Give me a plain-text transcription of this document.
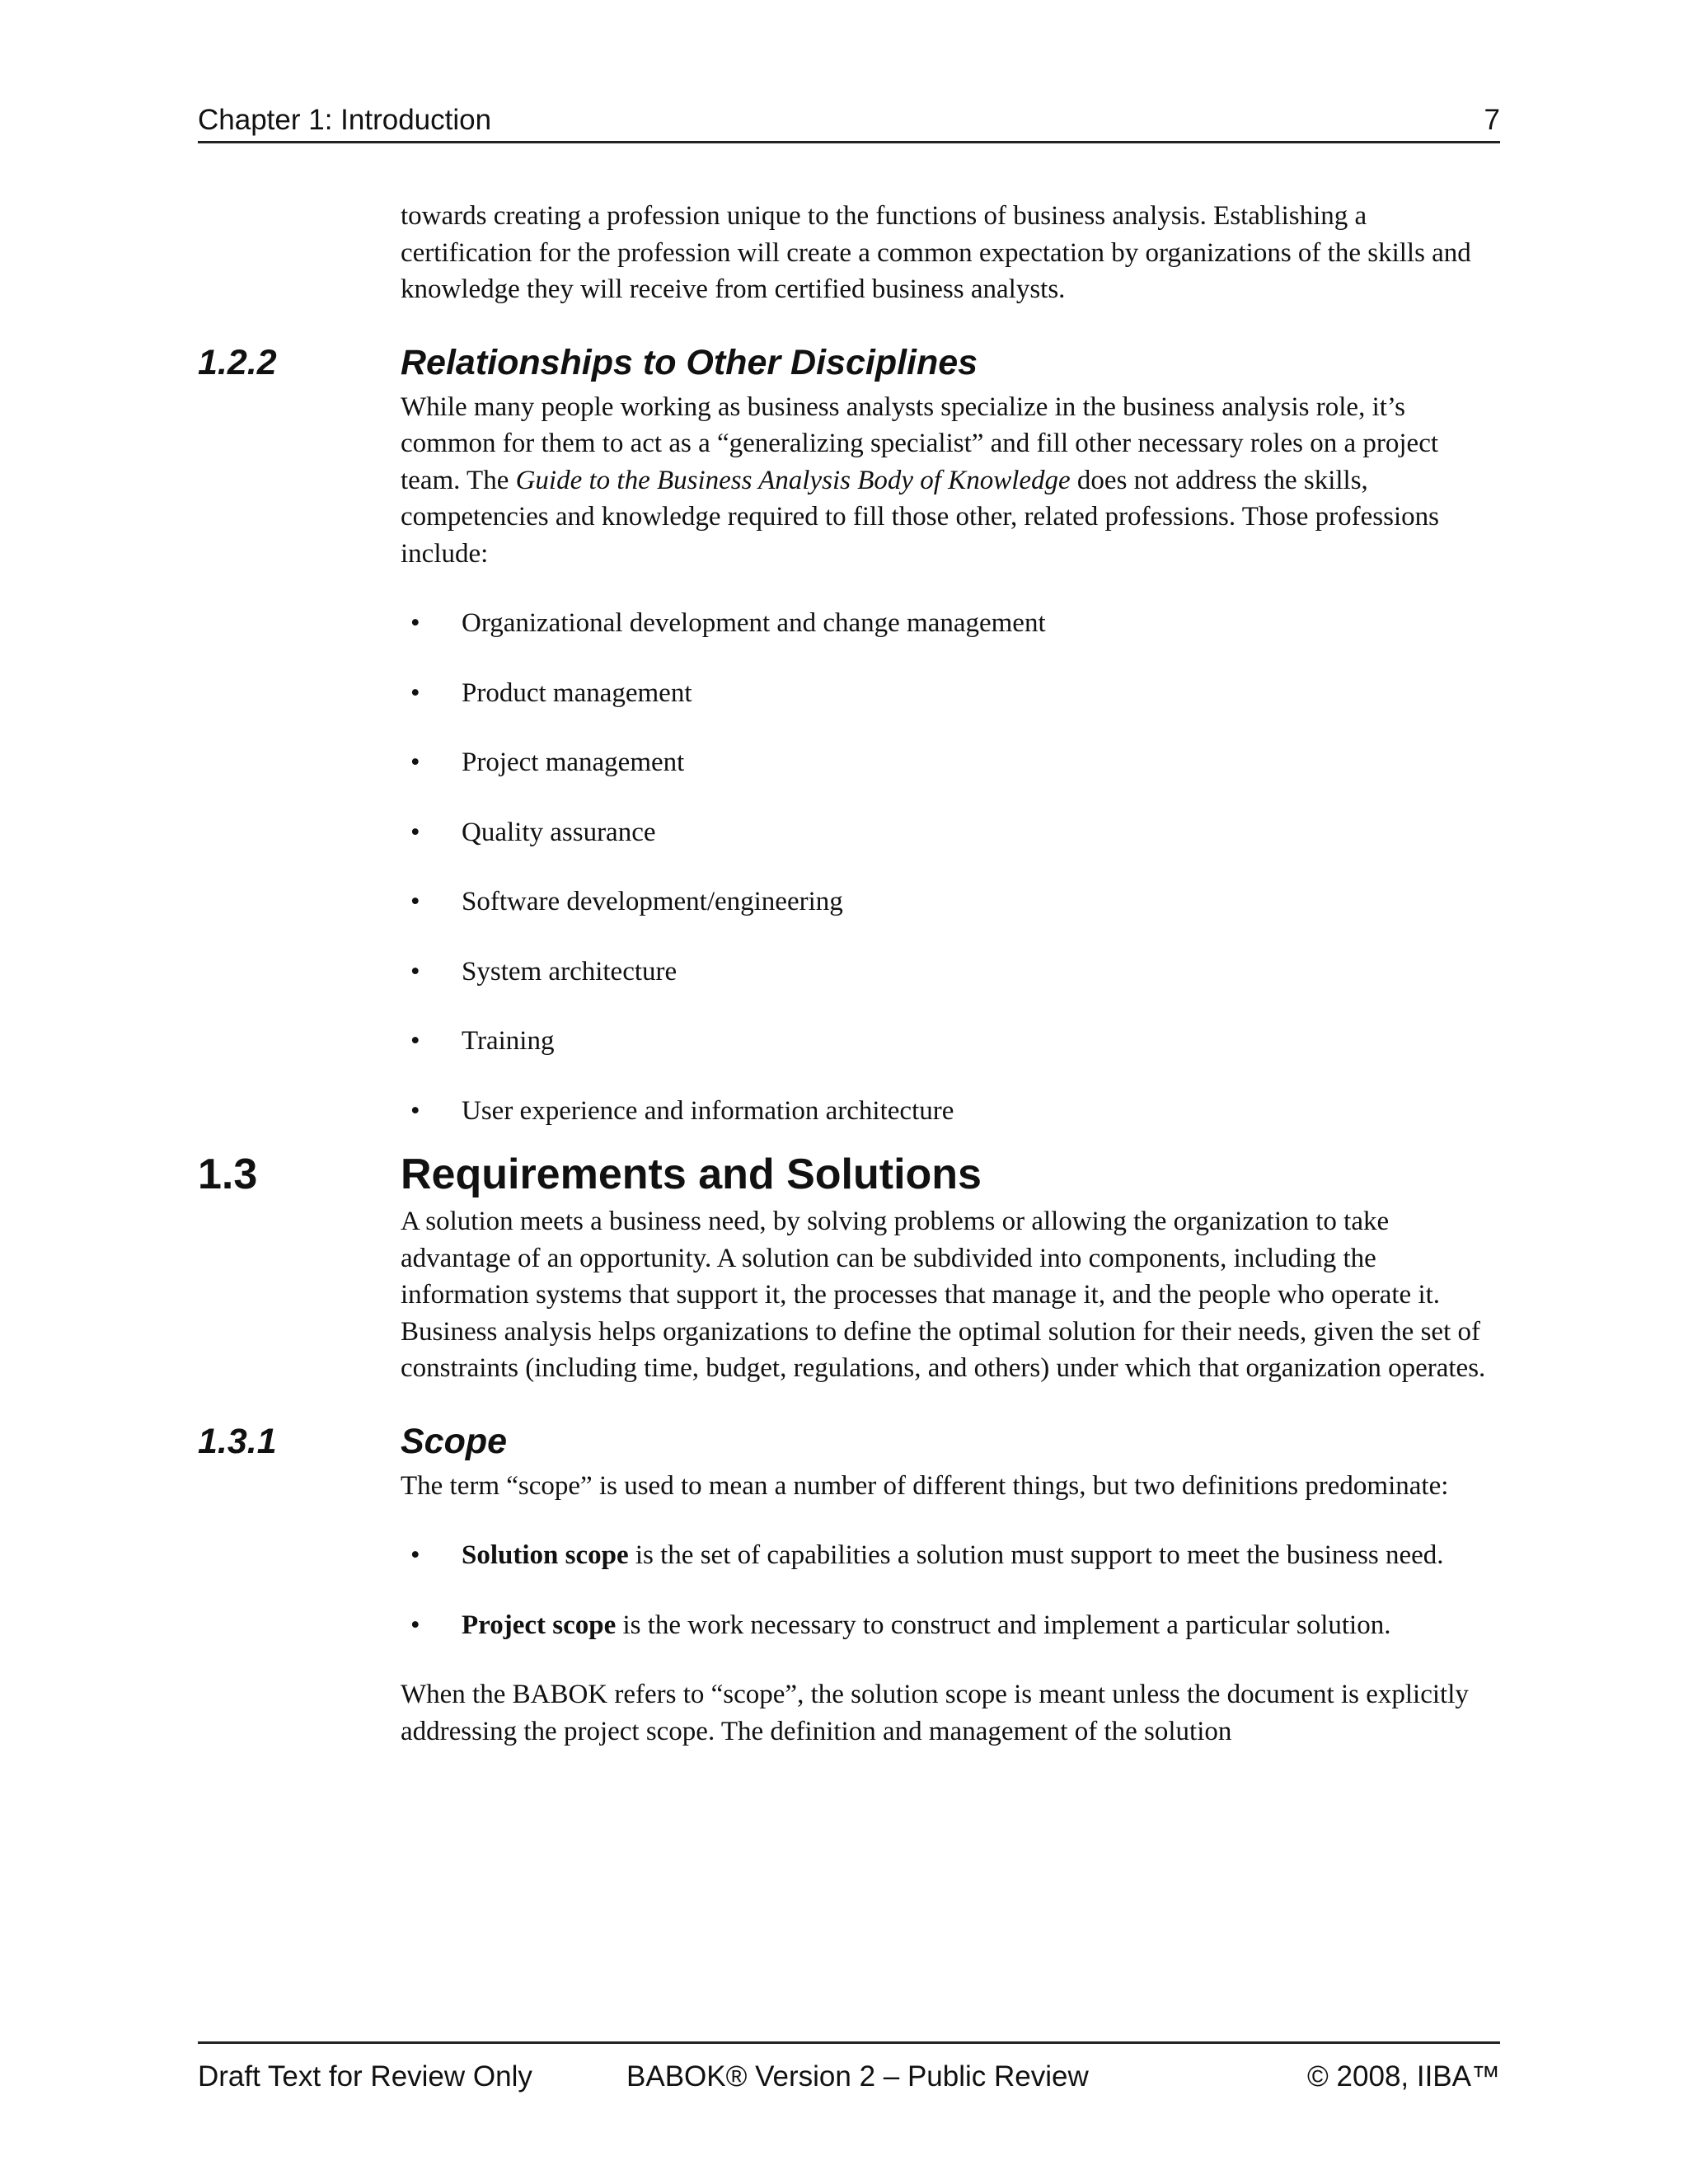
Chapter 1: Introduction	7

towards creating a profession unique to the functions of business analysis. Establishing a certification for the profession will create a common expectation by organizations of the skills and knowledge they will receive from certified business analysts.

1.2.2	Relationships to Other Disciplines

While many people working as business analysts specialize in the business analysis role, it’s common for them to act as a “generalizing specialist” and fill other necessary roles on a project team. The Guide to the Business Analysis Body of Knowledge does not address the skills, competencies and knowledge required to fill those other, related professions. Those professions include:

• Organizational development and change management
• Product management
• Project management
• Quality assurance
• Software development/engineering
• System architecture
• Training
• User experience and information architecture
1.3	Requirements and Solutions

A solution meets a business need, by solving problems or allowing the organization to take advantage of an opportunity. A solution can be subdivided into components, including the information systems that support it, the processes that manage it, and the people who operate it. Business analysis helps organizations to define the optimal solution for their needs, given the set of constraints (including time, budget, regulations, and others) under which that organization operates.

1.3.1	Scope

The term “scope” is used to mean a number of different things, but two definitions predominate:

• Solution scope is the set of capabilities a solution must support to meet the business need.
• Project scope is the work necessary to construct and implement a particular solution.

When the BABOK refers to “scope”, the solution scope is meant unless the document is explicitly addressing the project scope. The definition and management of the solution

Draft Text for Review Only	BABOK® Version 2 – Public Review	© 2008, IIBA™
